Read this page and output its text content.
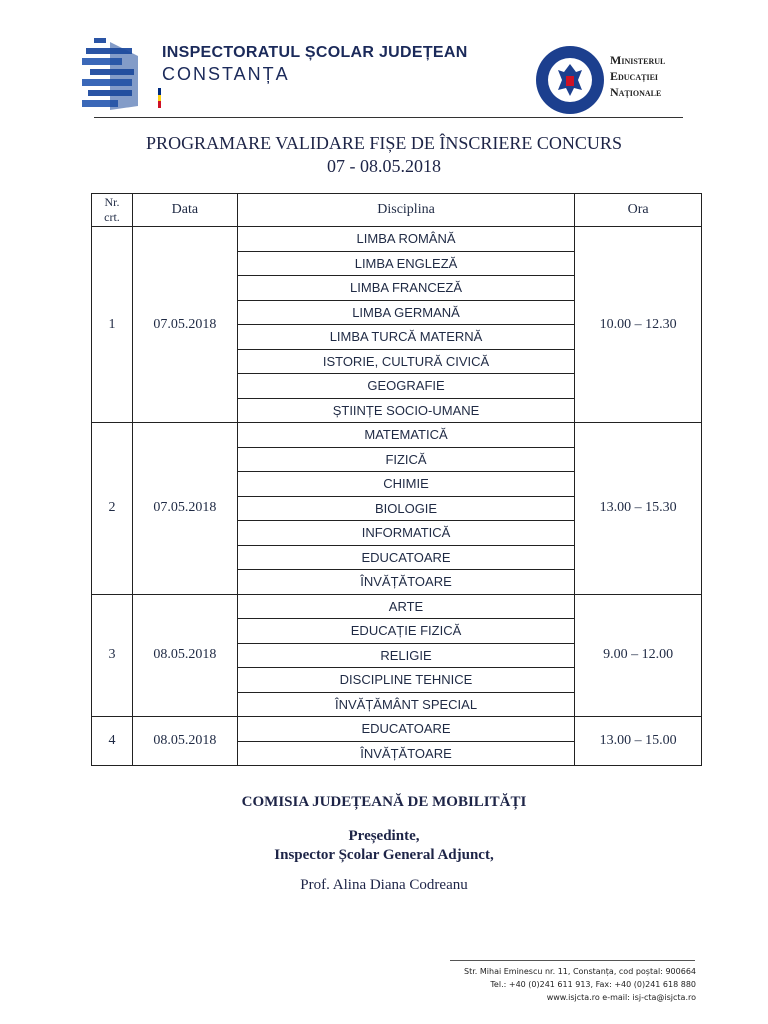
INSPECTORATUL ȘCOLAR JUDEȚEAN
CONSTANȚA
Ministerul
Educației
Naționale
PROGRAMARE VALIDARE FIȘE DE ÎNSCRIERE CONCURS
07 - 08.05.2018
Nr.
crt.	Data	Disciplina	Ora
1	07.05.2018	LIMBA ROMÂNĂ	10.00 – 12.30
		LIMBA ENGLEZĂ	
		LIMBA FRANCEZĂ	
		LIMBA GERMANĂ	
		LIMBA TURCĂ MATERNĂ	
		ISTORIE, CULTURĂ CIVICĂ	
		GEOGRAFIE	
		ȘTIINȚE SOCIO-UMANE	
2	07.05.2018	MATEMATICĂ	13.00 – 15.30
		FIZICĂ	
		CHIMIE	
		BIOLOGIE	
		INFORMATICĂ	
		EDUCATOARE	
		ÎNVĂȚĂTOARE	
3	08.05.2018	ARTE	9.00 – 12.00
		EDUCAȚIE FIZICĂ	
		RELIGIE	
		DISCIPLINE TEHNICE	
		ÎNVĂȚĂMÂNT SPECIAL	
4	08.05.2018	EDUCATOARE	13.00 – 15.00
		ÎNVĂȚĂTOARE	
COMISIA JUDEȚEANĂ DE MOBILITĂȚI
Președinte,
Inspector Școlar General Adjunct,
Prof. Alina Diana Codreanu
Str. Mihai Eminescu nr. 11, Constanța, cod poștal: 900664
Tel.: +40 (0)241 611 913, Fax: +40 (0)241 618 880
www.isjcta.ro e-mail: isj-cta@isjcta.ro
